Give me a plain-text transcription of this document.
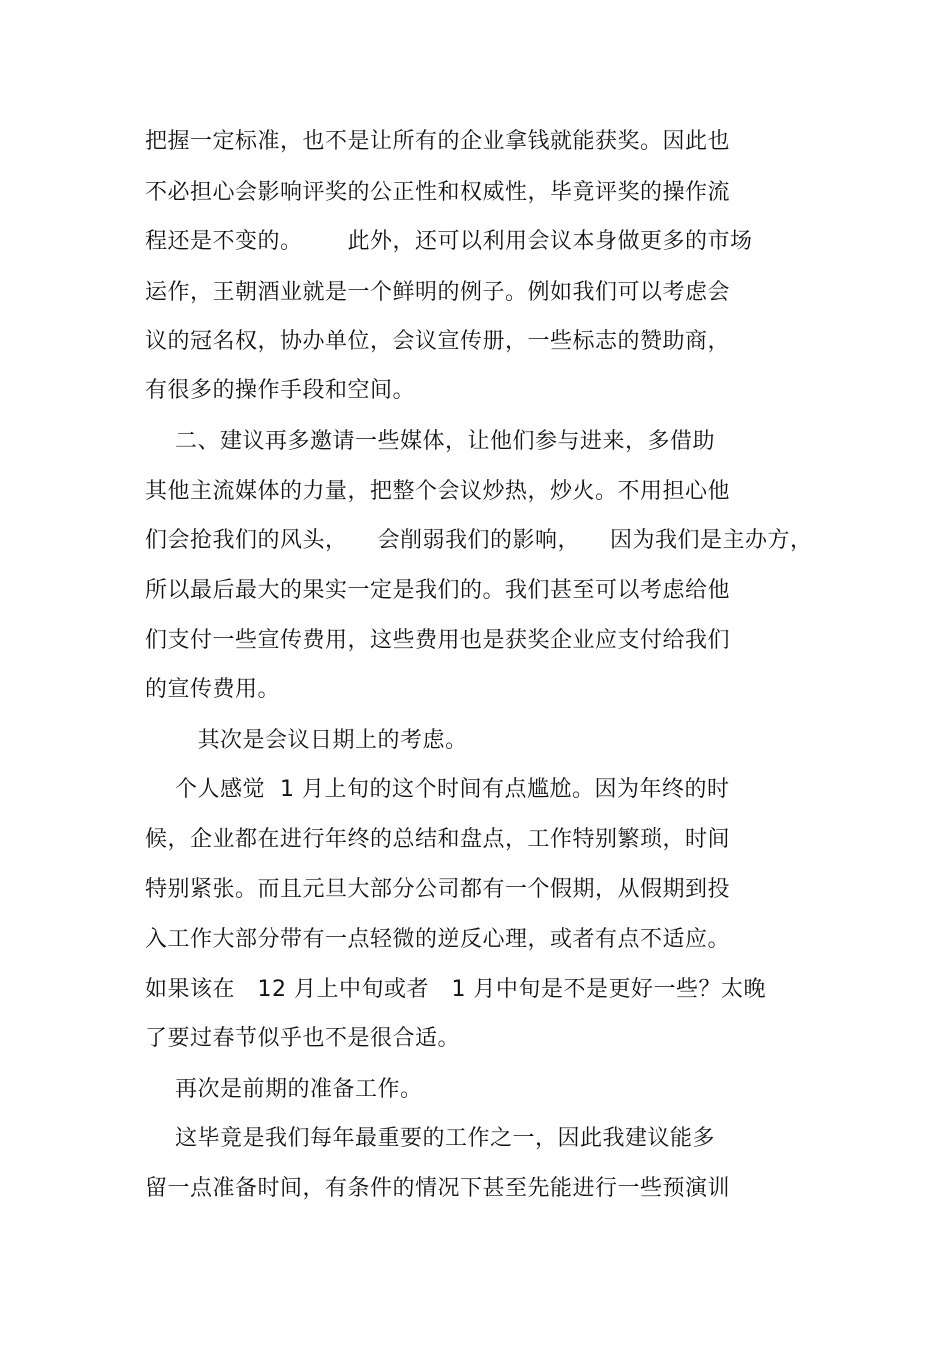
把握一定标准，也不是让所有的企业拿钱就能获奖。因此也
不必担心会影响评奖的公正性和权威性，毕竟评奖的操作流
程还是不变的。      此外，还可以利用会议本身做更多的市场
运作，王朝酒业就是一个鲜明的例子。例如我们可以考虑会
议的冠名权，协办单位，会议宣传册，一些标志的赞助商，
有很多的操作手段和空间。
二、建议再多邀请一些媒体，让他们参与进来，多借助
其他主流媒体的力量，把整个会议炒热，炒火。不用担心他
们会抢我们的风头，    会削弱我们的影响，    因为我们是主办方，
所以最后最大的果实一定是我们的。我们甚至可以考虑给他
们支付一些宣传费用，这些费用也是获奖企业应支付给我们
的宣传费用。
其次是会议日期上的考虑。
个人感觉  1 月上旬的这个时间有点尴尬。因为年终的时
候，企业都在进行年终的总结和盘点，工作特别繁琐，时间
特别紧张。而且元旦大部分公司都有一个假期，从假期到投
入工作大部分带有一点轻微的逆反心理，或者有点不适应。
如果该在   12 月上中旬或者   1 月中旬是不是更好一些？太晚
了要过春节似乎也不是很合适。
再次是前期的准备工作。
这毕竟是我们每年最重要的工作之一，因此我建议能多
留一点准备时间，有条件的情况下甚至先能进行一些预演训
